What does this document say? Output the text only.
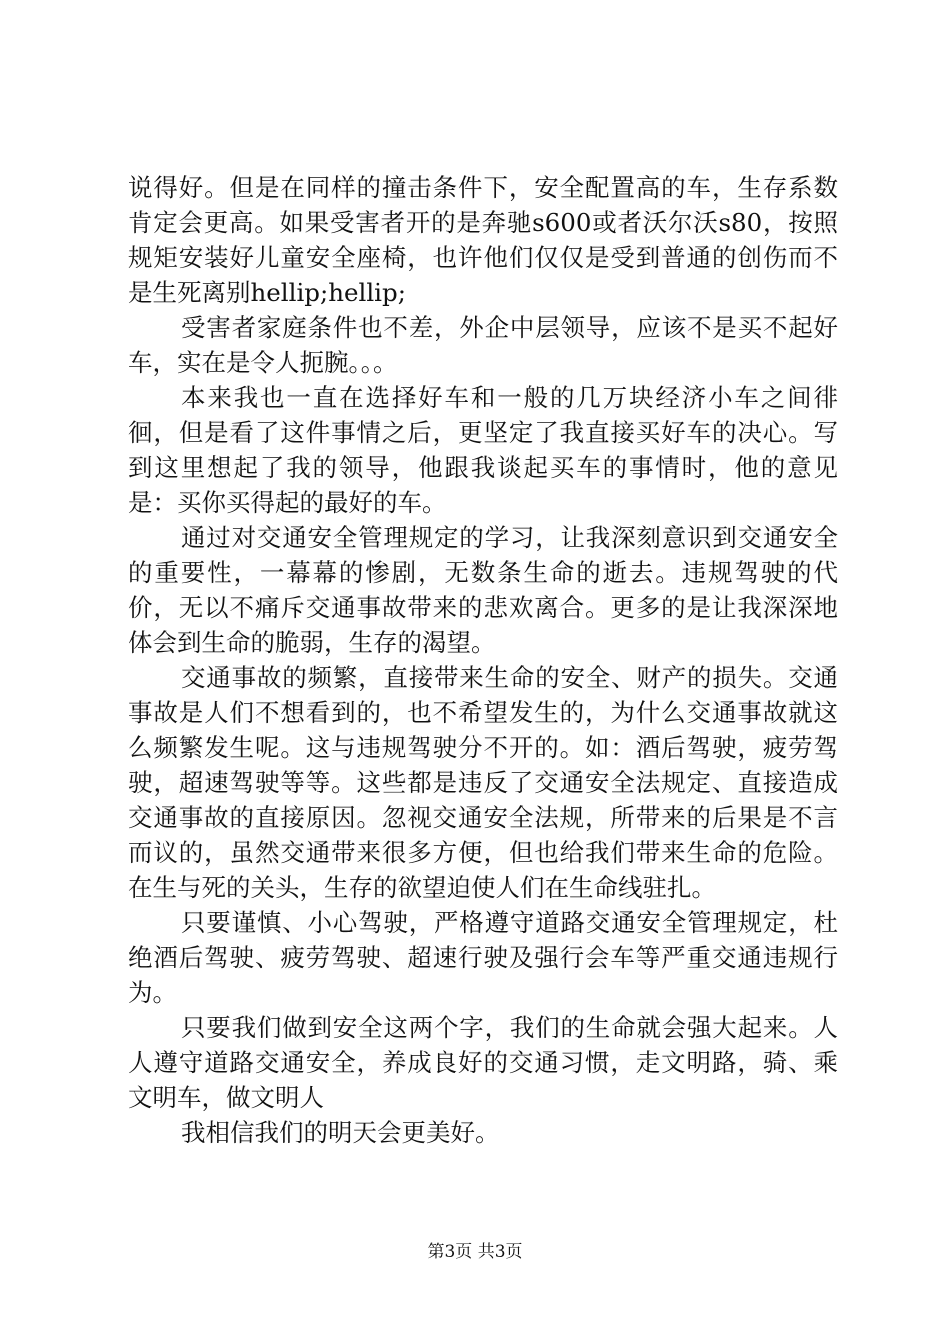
说得好。但是在同样的撞击条件下，安全配置高的车，生存系数肯定会更高。如果受害者开的是奔驰s600或者沃尔沃s80，按照规矩安装好儿童安全座椅，也许他们仅仅是受到普通的创伤而不是生死离别hellip;hellip;

受害者家庭条件也不差，外企中层领导，应该不是买不起好车，实在是令人扼腕。。。

本来我也一直在选择好车和一般的几万块经济小车之间徘徊，但是看了这件事情之后，更坚定了我直接买好车的决心。写到这里想起了我的领导，他跟我谈起买车的事情时，他的意见是：买你买得起的最好的车。

通过对交通安全管理规定的学习，让我深刻意识到交通安全的重要性，一幕幕的惨剧，无数条生命的逝去。违规驾驶的代价，无以不痛斥交通事故带来的悲欢离合。更多的是让我深深地体会到生命的脆弱，生存的渴望。

交通事故的频繁，直接带来生命的安全、财产的损失。交通事故是人们不想看到的，也不希望发生的，为什么交通事故就这么频繁发生呢。这与违规驾驶分不开的。如：酒后驾驶，疲劳驾驶，超速驾驶等等。这些都是违反了交通安全法规定、直接造成交通事故的直接原因。忽视交通安全法规，所带来的后果是不言而议的，虽然交通带来很多方便，但也给我们带来生命的危险。在生与死的关头，生存的欲望迫使人们在生命线驻扎。

只要谨慎、小心驾驶，严格遵守道路交通安全管理规定，杜绝酒后驾驶、疲劳驾驶、超速行驶及强行会车等严重交通违规行为。

只要我们做到安全这两个字，我们的生命就会强大起来。人人遵守道路交通安全，养成良好的交通习惯，走文明路，骑、乘文明车，做文明人

我相信我们的明天会更美好。

第3页 共3页
